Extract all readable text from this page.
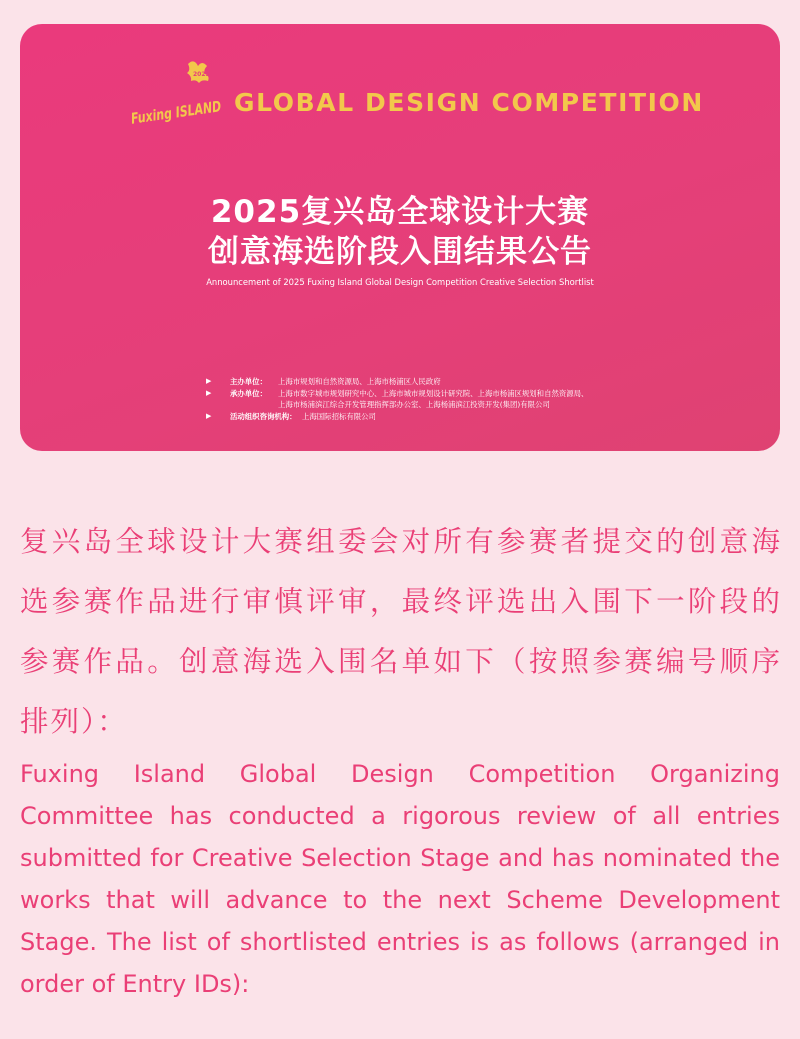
2025
Fuxing ISLAND
GLOBAL DESIGN COMPETITION
2025复兴岛全球设计大赛
创意海选阶段入围结果公告
Announcement of 2025 Fuxing Island Global Design Competition Creative Selection Shortlist
▶	主办单位： 上海市规划和自然资源局、上海市杨浦区人民政府
▶	承办单位： 上海市数字城市规划研究中心、上海市城市规划设计研究院、上海市杨浦区规划和自然资源局、
上海市杨浦滨江综合开发管理指挥部办公室、上海杨浦滨江投资开发(集团)有限公司
▶	活动组织咨询机构： 上海国际招标有限公司

复兴岛全球设计大赛组委会对所有参赛者提交的创意海选参赛作品进行审慎评审，最终评选出入围下一阶段的参赛作品。创意海选入围名单如下（按照参赛编号顺序排列）：

Fuxing Island Global Design Competition Organizing Committee has conducted a rigorous review of all entries submitted for Creative Selection Stage and has nominated the works that will advance to the next Scheme Development Stage. The list of shortlisted entries is as follows (arranged in order of Entry IDs):
